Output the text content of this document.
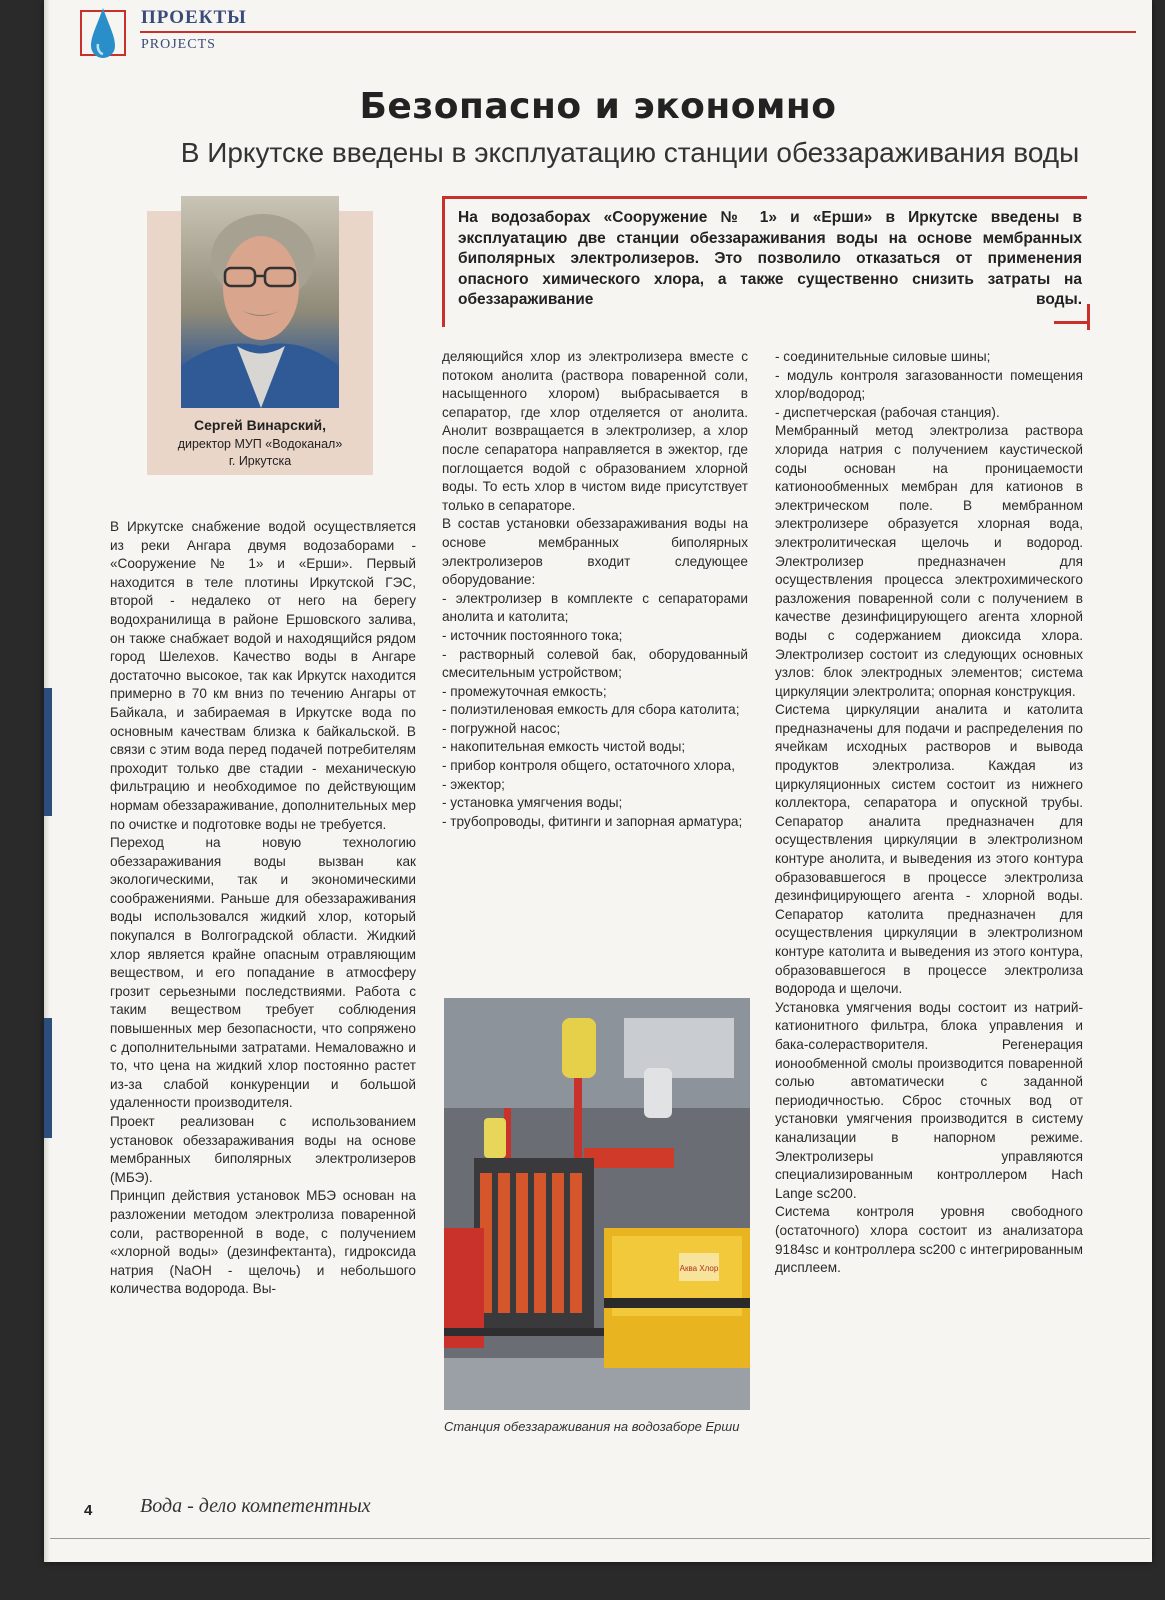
ПРОЕКТЫ
PROJECTS
Безопасно и экономно
В Иркутске введены в эксплуатацию станции обеззараживания воды
Сергей Винарский,
директор МУП «Водоканал»
г. Иркутска
На водозаборах «Сооружение № 1» и «Ерши» в Иркутске введены в эксплуатацию две станции обеззараживания воды на основе мембранных биполярных электролизеров. Это позволило отказаться от применения опасного химического хлора, а также существенно снизить затраты на обеззараживание воды.

В Иркутске снабжение водой осуществляется из реки Ангара двумя водозаборами - «Сооружение № 1» и «Ерши». Первый находится в теле плотины Иркутской ГЭС, второй - недалеко от него на берегу водохранилища в районе Ершовского залива, он также снабжает водой и находящийся рядом город Шелехов. Качество воды в Ангаре достаточно высокое, так как Иркутск находится примерно в 70 км вниз по течению Ангары от Байкала, и забираемая в Иркутске вода по основным качествам близка к байкальской. В связи с этим вода перед подачей потребителям проходит только две стадии - механическую фильтрацию и необходимое по действующим нормам обеззараживание, дополнительных мер по очистке и подготовке воды не требуется.
Переход на новую технологию обеззараживания воды вызван как экологическими, так и экономическими соображениями. Раньше для обеззараживания воды использовался жидкий хлор, который покупался в Волгоградской области. Жидкий хлор является крайне опасным отравляющим веществом, и его попадание в атмосферу грозит серьезными последствиями. Работа с таким веществом требует соблюдения повышенных мер безопасности, что сопряжено с дополнительными затратами. Немаловажно и то, что цена на жидкий хлор постоянно растет из-за слабой конкуренции и большой удаленности производителя.
Проект реализован с использованием установок обеззараживания воды на основе мембранных биполярных электролизеров (МБЭ).
Принцип действия установок МБЭ основан на разложении методом электролиза поваренной соли, растворенной в воде, с получением «хлорной воды» (дезинфектанта), гидроксида натрия (NaOH - щелочь) и небольшого количества водорода. Вы-

деляющийся хлор из электролизера вместе с потоком анолита (раствора поваренной соли, насыщенного хлором) выбрасывается в сепаратор, где хлор отделяется от анолита. Анолит возвращается в электролизер, а хлор после сепаратора направляется в эжектор, где поглощается водой с образованием хлорной воды. То есть хлор в чистом виде присутствует только в сепараторе.
В состав установки обеззараживания воды на основе мембранных биполярных электролизеров входит следующее оборудование:
- электролизер в комплекте с сепараторами анолита и католита;
- источник постоянного тока;
- растворный солевой бак, оборудованный смесительным устройством;
- промежуточная емкость;
- полиэтиленовая емкость для сбора католита;
- погружной насос;
- накопительная емкость чистой воды;
- прибор контроля общего, остаточного хлора,
- эжектор;
- установка умягчения воды;
- трубопроводы, фитинги и запорная арматура;

- соединительные силовые шины;
- модуль контроля загазованности помещения хлор/водород;
- диспетчерская (рабочая станция).
Мембранный метод электролиза раствора хлорида натрия с получением каустической соды основан на проницаемости катионообменных мембран для катионов в электрическом поле. В мембранном электролизере образуется хлорная вода, электролитическая щелочь и водород. Электролизер предназначен для осуществления процесса электрохимического разложения поваренной соли с получением в качестве дезинфицирующего агента хлорной воды с содержанием диоксида хлора. Электролизер состоит из следующих основных узлов: блок электродных элементов; система циркуляции электролита; опорная конструкция.
Система циркуляции аналита и католита предназначены для подачи и распределения по ячейкам исходных растворов и вывода продуктов электролиза. Каждая из циркуляционных систем состоит из нижнего коллектора, сепаратора и опускной трубы. Сепаратор аналита предназначен для осуществления циркуляции в электролизном контуре анолита, и выведения из этого контура образовавшегося в процессе электролиза дезинфицирующего агента - хлорной воды. Сепаратор католита предназначен для осуществления циркуляции в электролизном контуре католита и выведения из этого контура, образовавшегося в процессе электролиза водорода и щелочи.
Установка умягчения воды состоит из натрий-катионитного фильтра, блока управления и бака-солерастворителя. Регенерация ионообменной смолы производится поваренной солью автоматически с заданной периодичностью. Сброс сточных вод от установки умягчения производится в систему канализации в напорном режиме. Электролизеры управляются специализированным контроллером Hach Lange sc200.
Система контроля уровня свободного (остаточного) хлора состоит из анализатора 9184sc и контроллера sc200 с интегрированным дисплеем.

Аква Хлор
Станция обеззараживания на водозаборе Ерши
4 Вода - дело компетентных
